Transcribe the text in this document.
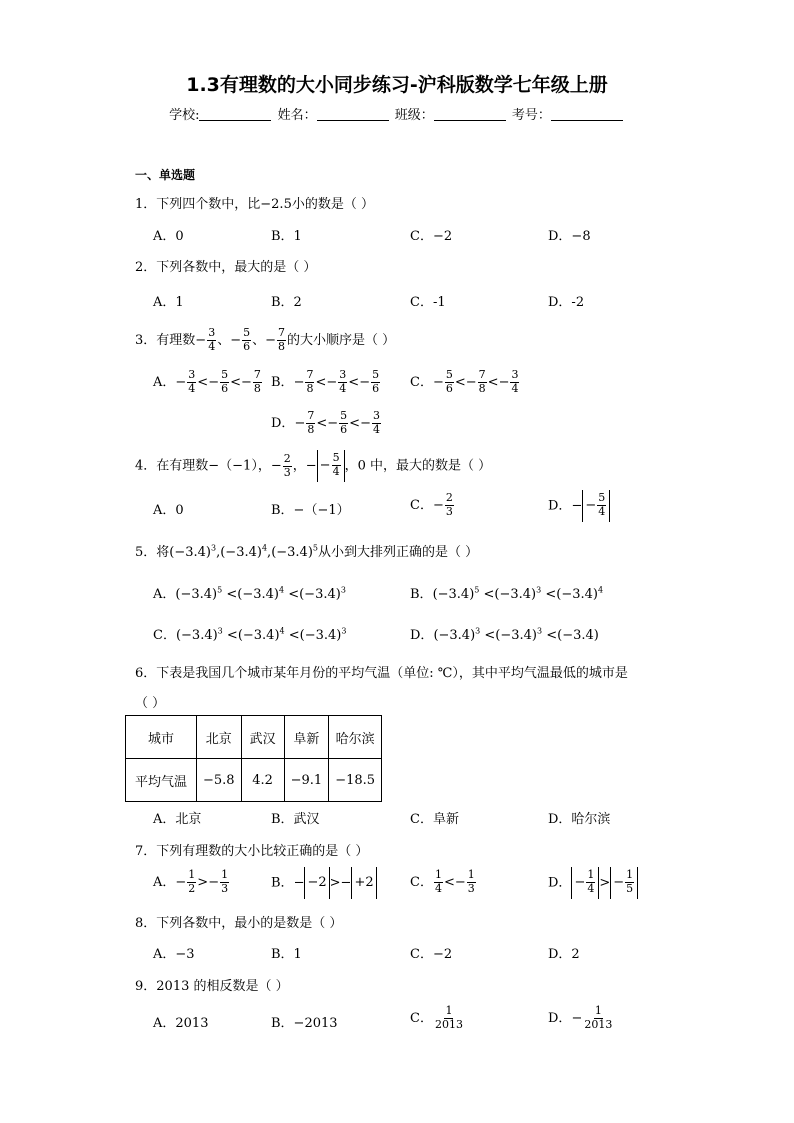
1.3有理数的大小同步练习-沪科版数学七年级上册
学校:	姓名：	班级：	考号：
一、单选题
1．下列四个数中，比−2.5小的数是（ ）
A．0	B．1	C．−2	D．−8
2．下列各数中，最大的是（ ）
A．1	B．2	C．-1	D．-2
3．有理数− $\frac{3}{4}$ 、− $\frac{5}{6}$ 、− $\frac{7}{8}$ 的大小顺序是（ ）
A．− $\frac{3}{4} <- \frac{5}{6} <- \frac{7}{8}$ B．− $\frac{7}{8} <- \frac{3}{4} <- \frac{5}{6}$ C．− $\frac{5}{6} <- \frac{7}{8} <- \frac{3}{4}$
D．− $\frac{7}{8} <- \frac{5}{6} <- \frac{3}{4}$
4．在有理数−（−1），− $\frac{2}{3}$ ，− − $\frac{5}{4}$ ，0 中，最大的数是（ ）
A．0	B．−（−1）	C．− $\frac{2}{3}$	D．− − $\frac{5}{4}$
5．将$(-3.4)^3,(-3.4)^4,(-3.4)^5$从小到大排列正确的是（ ）
A．$(-3.4)^5 <(-3.4)^4 <(-3.4)^3$	B．$(-3.4)^5 <(-3.4)^3 <(-3.4)^4$
C．$(-3.4)^3 <(-3.4)^4 <(-3.4)^3$	D．$(-3.4)^3 <(-3.4)^3 <(-3.4)$
6．下表是我国几个城市某年月份的平均气温（单位: ℃），其中平均气温最低的城市是
（ ）
城市	北京	武汉	阜新	哈尔滨
平均气温	−5.8	4.2	−9.1	−18.5
A．北京	B．武汉	C．阜新	D．哈尔滨
7．下列有理数的大小比较正确的是（ ）
A．− $\frac{1}{2} >- \frac{1}{3}$	B．− −2 >− +2	C． $\frac{1}{4} <- \frac{1}{3}$	D． − $\frac{1}{4}$ > − $\frac{1}{5}$
8．下列各数中，最小的是数是（ ）
A．−3	B．1	C．−2	D．2
9．2013 的相反数是（ ）
A．2013	B．−2013	C． $\frac{1}{2013}$	D．− $\frac{1}{2013}$
